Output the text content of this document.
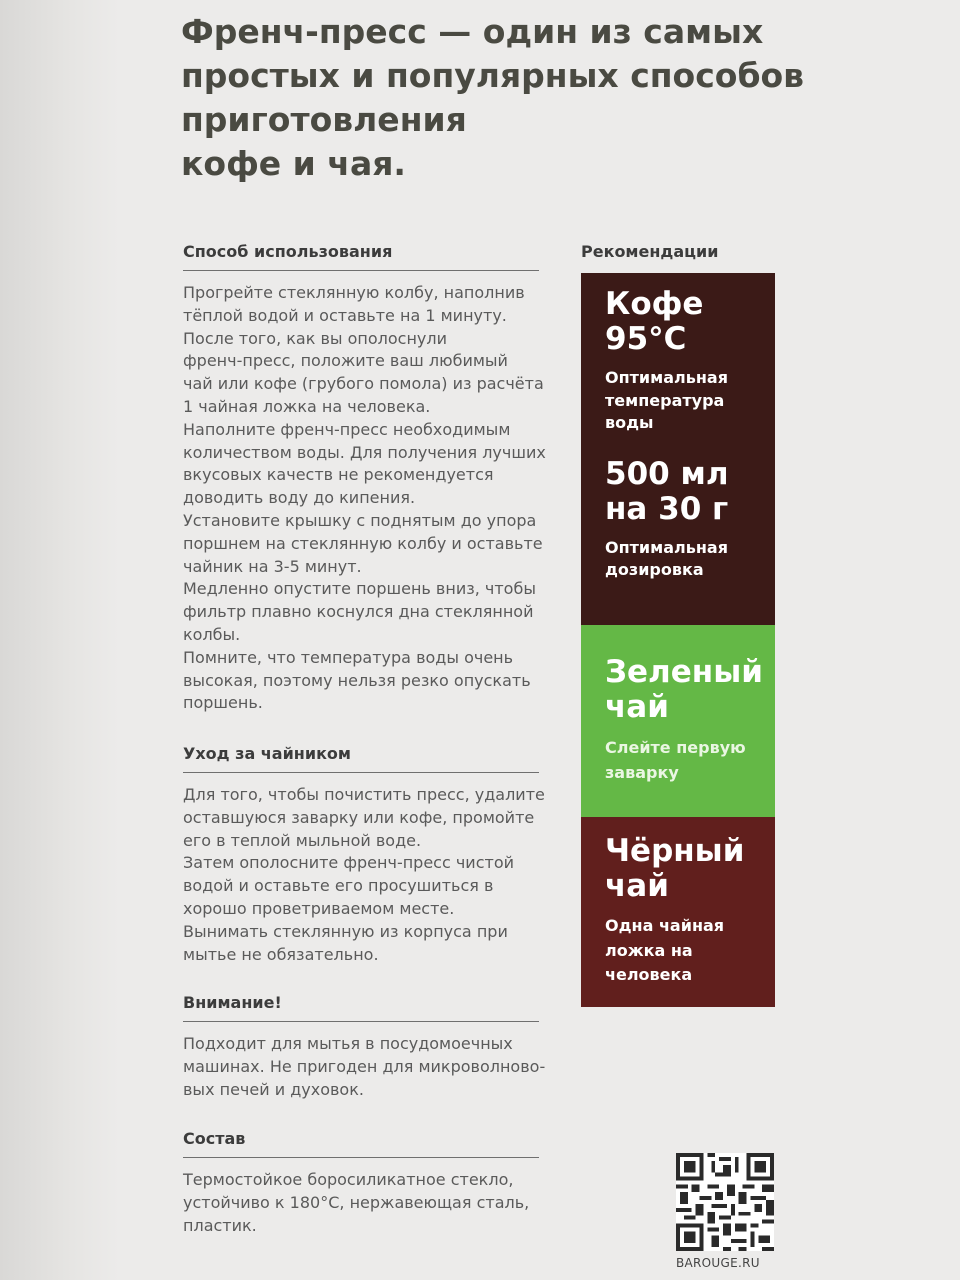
Френч-пресс — один из самых
простых и популярных способов
приготовления
кофе и чая.
Способ использования

Прогрейте стеклянную колбу, наполнив
тёплой водой и оставьте на 1 минуту.
После того, как вы ополоснули
френч-пресс, положите ваш любимый
чай или кофе (грубого помола) из расчёта
1 чайная ложка на человека.
Наполните френч-пресс необходимым
количеством воды. Для получения лучших
вкусовых качеств не рекомендуется
доводить воду до кипения.
Установите крышку с поднятым до упора
поршнем на стеклянную колбу и оставьте
чайник на 3-5 минут.
Медленно опустите поршень вниз, чтобы
фильтр плавно коснулся дна стеклянной
колбы.
Помните, что температура воды очень
высокая, поэтому нельзя резко опускать
поршень.

Уход за чайником

Для того, чтобы почистить пресс, удалите
оставшуюся заварку или кофе, промойте
его в теплой мыльной воде.
Затем ополосните френч-пресс чистой
водой и оставьте его просушиться в
хорошо проветриваемом месте.
Вынимать стеклянную из корпуса при
мытье не обязательно.

Внимание!

Подходит для мытья в посудомоечных
машинах. Не пригоден для микроволново-
вых печей и духовок.

Состав

Термостойкое боросиликатное стекло,
устойчиво к 180°С, нержавеющая сталь,
пластик.

Рекомендации

Кофе
95°С

Оптимальная
температура
воды

500 мл
на 30 г

Оптимальная
дозировка

Зеленый
чай

Слейте первую
заварку

Чёрный
чай

Одна чайная
ложка на
человека

BAROUGE.RU
